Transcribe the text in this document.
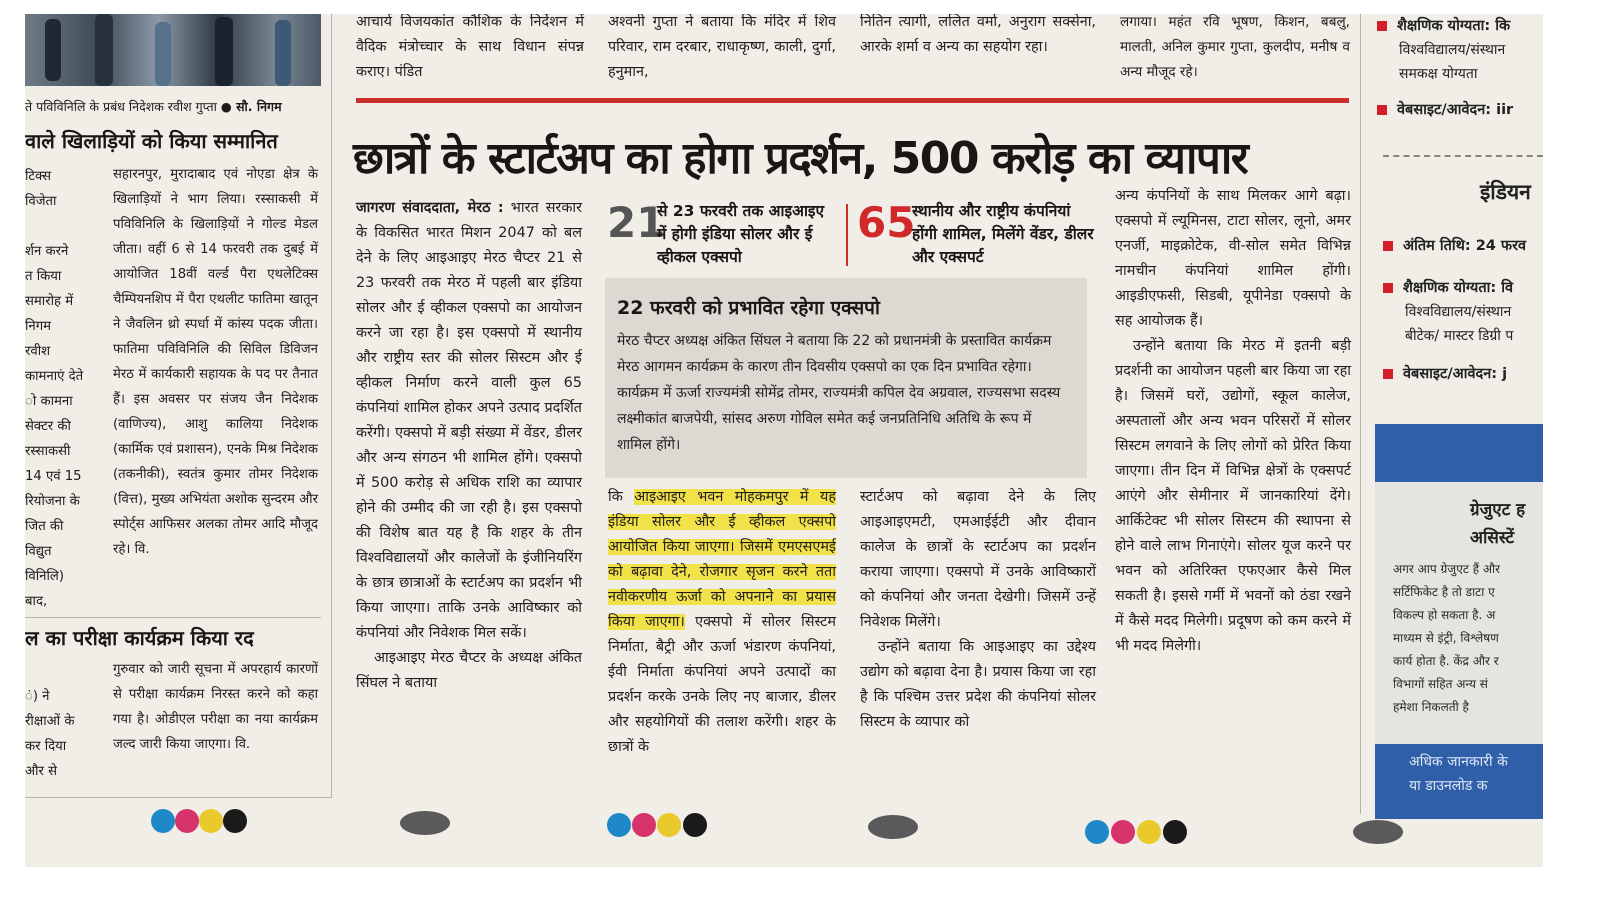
ते पविविनिलि के प्रबंध निदेशक रवीश गुप्ता ● सौ. निगम
वाले खिलाड़ियों को किया सम्मानित
टिक्स
विजेता

र्शन करने
त किया
समारोह में
निगम
रवीश
कामनाएं देते
ो कामना
सेक्टर की
रस्साकसी
14 एवं 15
रियोजना के
जित की
विद्युत
विनिलि)
बाद,
सहारनपुर, मुरादाबाद एवं नोएडा क्षेत्र के खिलाड़ियों ने भाग लिया। रस्साकसी में पविविनिलि के खिलाड़ियों ने गोल्ड मेडल जीता। वहीं 6 से 14 फरवरी तक दुबई में आयोजित 18वीं वर्ल्ड पैरा एथलेटिक्स चैम्पियनशिप में पैरा एथलीट फातिमा खातून ने जैवलिन थ्रो स्पर्धा में कांस्य पदक जीता। फातिमा पविविनिलि की सिविल डिविजन मेरठ में कार्यकारी सहायक के पद पर तैनात हैं। इस अवसर पर संजय जैन निदेशक (वाणिज्य), आशु कालिया निदेशक (कार्मिक एवं प्रशासन), एनके मिश्र निदेशक (तकनीकी), स्वतंत्र कुमार तोमर निदेशक (वित्त), मुख्य अभियंता अशोक सुन्दरम और स्पोर्ट्स आफिसर अलका तोमर आदि मौजूद रहे। वि.
ल का परीक्षा कार्यक्रम किया रद
ं) ने
रीक्षाओं के
कर दिया
और से
गुरुवार को जारी सूचना में अपरहार्य कारणों से परीक्षा कार्यक्रम निरस्त करने को कहा गया है। ओडीएल परीक्षा का नया कार्यक्रम जल्द जारी किया जाएगा। वि.
आचार्य विजयकांत कौशिक के निर्देशन में वैदिक मंत्रोच्चार के साथ विधान संपन्न कराए। पंडित
अश्वनी गुप्ता ने बताया कि मंदिर में शिव परिवार, राम दरबार, राधाकृष्ण, काली, दुर्गा, हनुमान,
नितिन त्यागी, ललित वर्मा, अनुराग सक्सेना, आरके शर्मा व अन्य का सहयोग रहा।
लगाया। महंत रवि भूषण, किशन, बबलु, मालती, अनिल कुमार गुप्ता, कुलदीप, मनीष व अन्य मौजूद रहे।
छात्रों के स्टार्टअप का होगा प्रदर्शन, 500 करोड़ का व्यापार

जागरण संवाददाता, मेरठ : भारत सरकार के विकसित भारत मिशन 2047 को बल देने के लिए आइआइए मेरठ चैप्टर 21 से 23 फरवरी तक मेरठ में पहली बार इंडिया सोलर और ई व्हीकल एक्सपो का आयोजन करने जा रहा है। इस एक्सपो में स्थानीय और राष्ट्रीय स्तर की सोलर सिस्टम और ई व्हीकल निर्माण करने वाली कुल 65 कंपनियां शामिल होकर अपने उत्पाद प्रदर्शित करेंगी। एक्सपो में बड़ी संख्या में वेंडर, डीलर और अन्य संगठन भी शामिल होंगे। एक्सपो में 500 करोड़ से अधिक राशि का व्यापार होने की उम्मीद की जा रही है। इस एक्सपो की विशेष बात यह है कि शहर के तीन विश्वविद्यालयों और कालेजों के इंजीनियरिंग के छात्र छात्राओं के स्टार्टअप का प्रदर्शन भी किया जाएगा। ताकि उनके आविष्कार को कंपनियां और निवेशक मिल सकें।

आइआइए मेरठ चैप्टर के अध्यक्ष अंकित सिंघल ने बताया

21
से 23 फरवरी तक आइआइए में होगी इंडिया सोलर और ई व्हीकल एक्सपो
65
स्थानीय और राष्ट्रीय कंपनियां होंगी शामिल, मिलेंगे वेंडर, डीलर और एक्सपर्ट
22 फरवरी को प्रभावित रहेगा एक्सपो
मेरठ चैप्टर अध्यक्ष अंकित सिंघल ने बताया कि 22 को प्रधानमंत्री के प्रस्तावित कार्यक्रम मेरठ आगमन कार्यक्रम के कारण तीन दिवसीय एक्सपो का एक दिन प्रभावित रहेगा। कार्यक्रम में ऊर्जा राज्यमंत्री सोमेंद्र तोमर, राज्यमंत्री कपिल देव अग्रवाल, राज्यसभा सदस्य लक्ष्मीकांत बाजपेयी, सांसद अरुण गोविल समेत कई जनप्रतिनिधि अतिथि के रूप में शामिल होंगे।

कि आइआइए भवन मोहकमपुर में यह इंडिया सोलर और ई व्हीकल एक्सपो आयोजित किया जाएगा। जिसमें एमएसएमई को बढ़ावा देने, रोजगार सृजन करने तता नवीकरणीय ऊर्जा को अपनाने का प्रयास किया जाएगा। एक्सपो में सोलर सिस्टम निर्माता, बैट्री और ऊर्जा भंडारण कंपनियां, ईवी निर्माता कंपनियां अपने उत्पादों का प्रदर्शन करके उनके लिए नए बाजार, डीलर और सहयोगियों की तलाश करेंगी। शहर के छात्रों के

स्टार्टअप को बढ़ावा देने के लिए आइआइएमटी, एमआईईटी और दीवान कालेज के छात्रों के स्टार्टअप का प्रदर्शन कराया जाएगा। एक्सपो में उनके आविष्कारों को कंपनियां और जनता देखेगी। जिसमें उन्हें निवेशक मिलेंगे।

उन्होंने बताया कि आइआइए का उद्देश्य उद्योग को बढ़ावा देना है। प्रयास किया जा रहा है कि पश्चिम उत्तर प्रदेश की कंपनियां सोलर सिस्टम के व्यापार को

अन्य कंपनियों के साथ मिलकर आगे बढ़ा। एक्सपो में ल्यूमिनस, टाटा सोलर, लूनो, अमर एनर्जी, माइक्रोटेक, वी-सोल समेत विभिन्न नामचीन कंपनियां शामिल होंगी। आइडीएफसी, सिडबी, यूपीनेडा एक्सपो के सह आयोजक हैं।

उन्होंने बताया कि मेरठ में इतनी बड़ी प्रदर्शनी का आयोजन पहली बार किया जा रहा है। जिसमें घरों, उद्योगों, स्कूल कालेज, अस्पतालों और अन्य भवन परिसरों में सोलर सिस्टम लगवाने के लिए लोगों को प्रेरित किया जाएगा। तीन दिन में विभिन्न क्षेत्रों के एक्सपर्ट आएंगे और सेमीनार में जानकारियां देंगे। आर्किटेक्ट भी सोलर सिस्टम की स्थापना से होने वाले लाभ गिनाएंगे। सोलर यूज करने पर भवन को अतिरिक्त एफएआर कैसे मिल सकती है। इससे गर्मी में भवनों को ठंडा रखने में कैसे मदद मिलेगी। प्रदूषण को कम करने में भी मदद मिलेगी।

शैक्षणिक योग्यता: कि
विश्वविद्यालय/संस्थान
समकक्ष योग्यता
वेबसाइट/आवेदन: iir
इंडियन
अंतिम तिथि: 24 फरव
शैक्षणिक योग्यता: वि
विश्वविद्यालय/संस्थान
बीटेक/ मास्टर डिग्री प
वेबसाइट/आवेदन: j
ग्रेजुएट ह
असिस्टें
अगर आप ग्रेजुएट हैं और
सर्टिफिकेट है तो डाटा ए
विकल्प हो सकता है. अ
माध्यम से इंट्री, विश्लेषण
कार्य होता है. केंद्र और र
विभागों सहित अन्य सं
हमेशा निकलती है
अधिक जानकारी के
या डाउनलोड क
